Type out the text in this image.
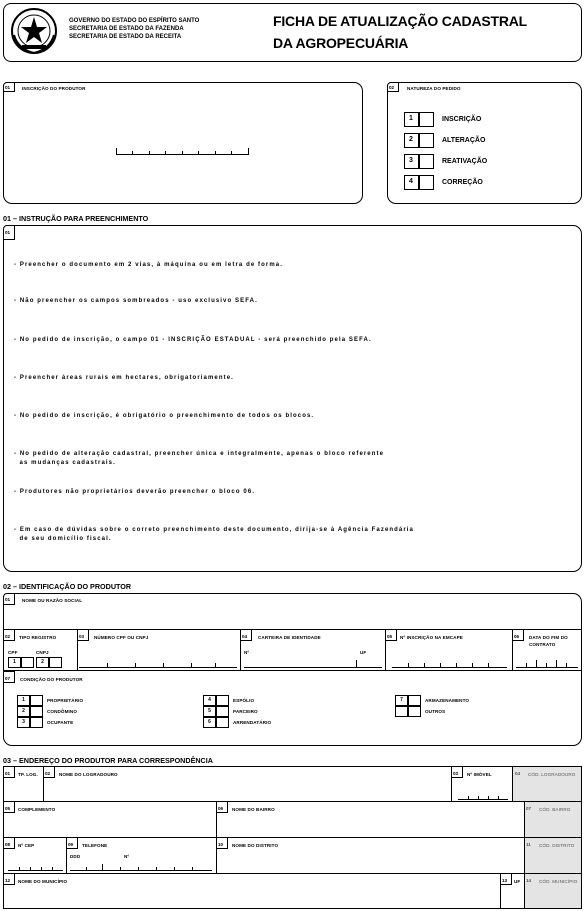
GOVERNO DO ESTADO DO ESPÍRITO SANTO
SECRETARIA DE ESTADO DA FAZENDA
SECRETARIA DE ESTADO DA RECEITA
FICHA DE ATUALIZAÇÃO CADASTRAL
DA AGROPECUÁRIA
01	INSCRIÇÃO DO PRODUTOR	02	NATUREZA DO PEDIDO
1	INSCRIÇÃO
2	ALTERAÇÃO
3	REATIVAÇÃO
4	CORREÇÃO
01 – INSTRUÇÃO PARA PREENCHIMENTO
01
- Preencher o documento em 2 vias, à máquina ou em letra de forma.
- Não preencher os campos sombreados - uso exclusivo SEFA.
- No pedido de inscrição, o campo 01 - INSCRIÇÃO ESTADUAL - será preenchido pela SEFA.
- Preencher áreas rurais em hectares, obrigatoriamente.
- No pedido de inscrição, é obrigatório o preenchimento de todos os blocos.
- No pedido de alteração cadastral, preencher única e integralmente, apenas o bloco referente
as mudanças cadastrais.
- Produtores não proprietários deverão preencher o bloco 06.
- Em caso de dúvidas sobre o correto preenchimento deste documento, dirija-se à Agência Fazendária
de seu domicílio fiscal.
02 – IDENTIFICAÇÃO DO PRODUTOR
01	NOME OU RAZÃO SOCIAL
02 TIPO REGISTRO
CPF	CNPJ
1	2
03 NÚMERO CPF OU CNPJ	04 CARTEIRA DE IDENTIDADE
Nº	UF
05 Nº INSCRIÇÃO NA EMCAPE	06 DATA DO FIM DO CONTRATO
07 CONDIÇÃO DO PRODUTOR
1	PROPRIETÁRIO
2	CONDÔMINO
3	OCUPANTE
4	ESPÓLIO
5	PARCEIRO
6	ARRENDATÁRIO
7	ARMAZENAMENTO
OUTROS
03 – ENDEREÇO DO PRODUTOR PARA CORRESPONDÊNCIA
01 TP. LOG. 02 NOME DO LOGRADOURO	03 Nº IMÓVEL	04 CÓD. LOGRADOURO
05 COMPLEMENTO	06 NOME DO BAIRRO	07 CÓD. BAIRRO
08 Nº CEP	09 TELEFONE
DDD	Nº
10 NOME DO DISTRITO	11 CÓD. DISTRITO
12 NOME DO MUNICÍPIO	13 UF 14 CÓD. MUNICÍPIO
